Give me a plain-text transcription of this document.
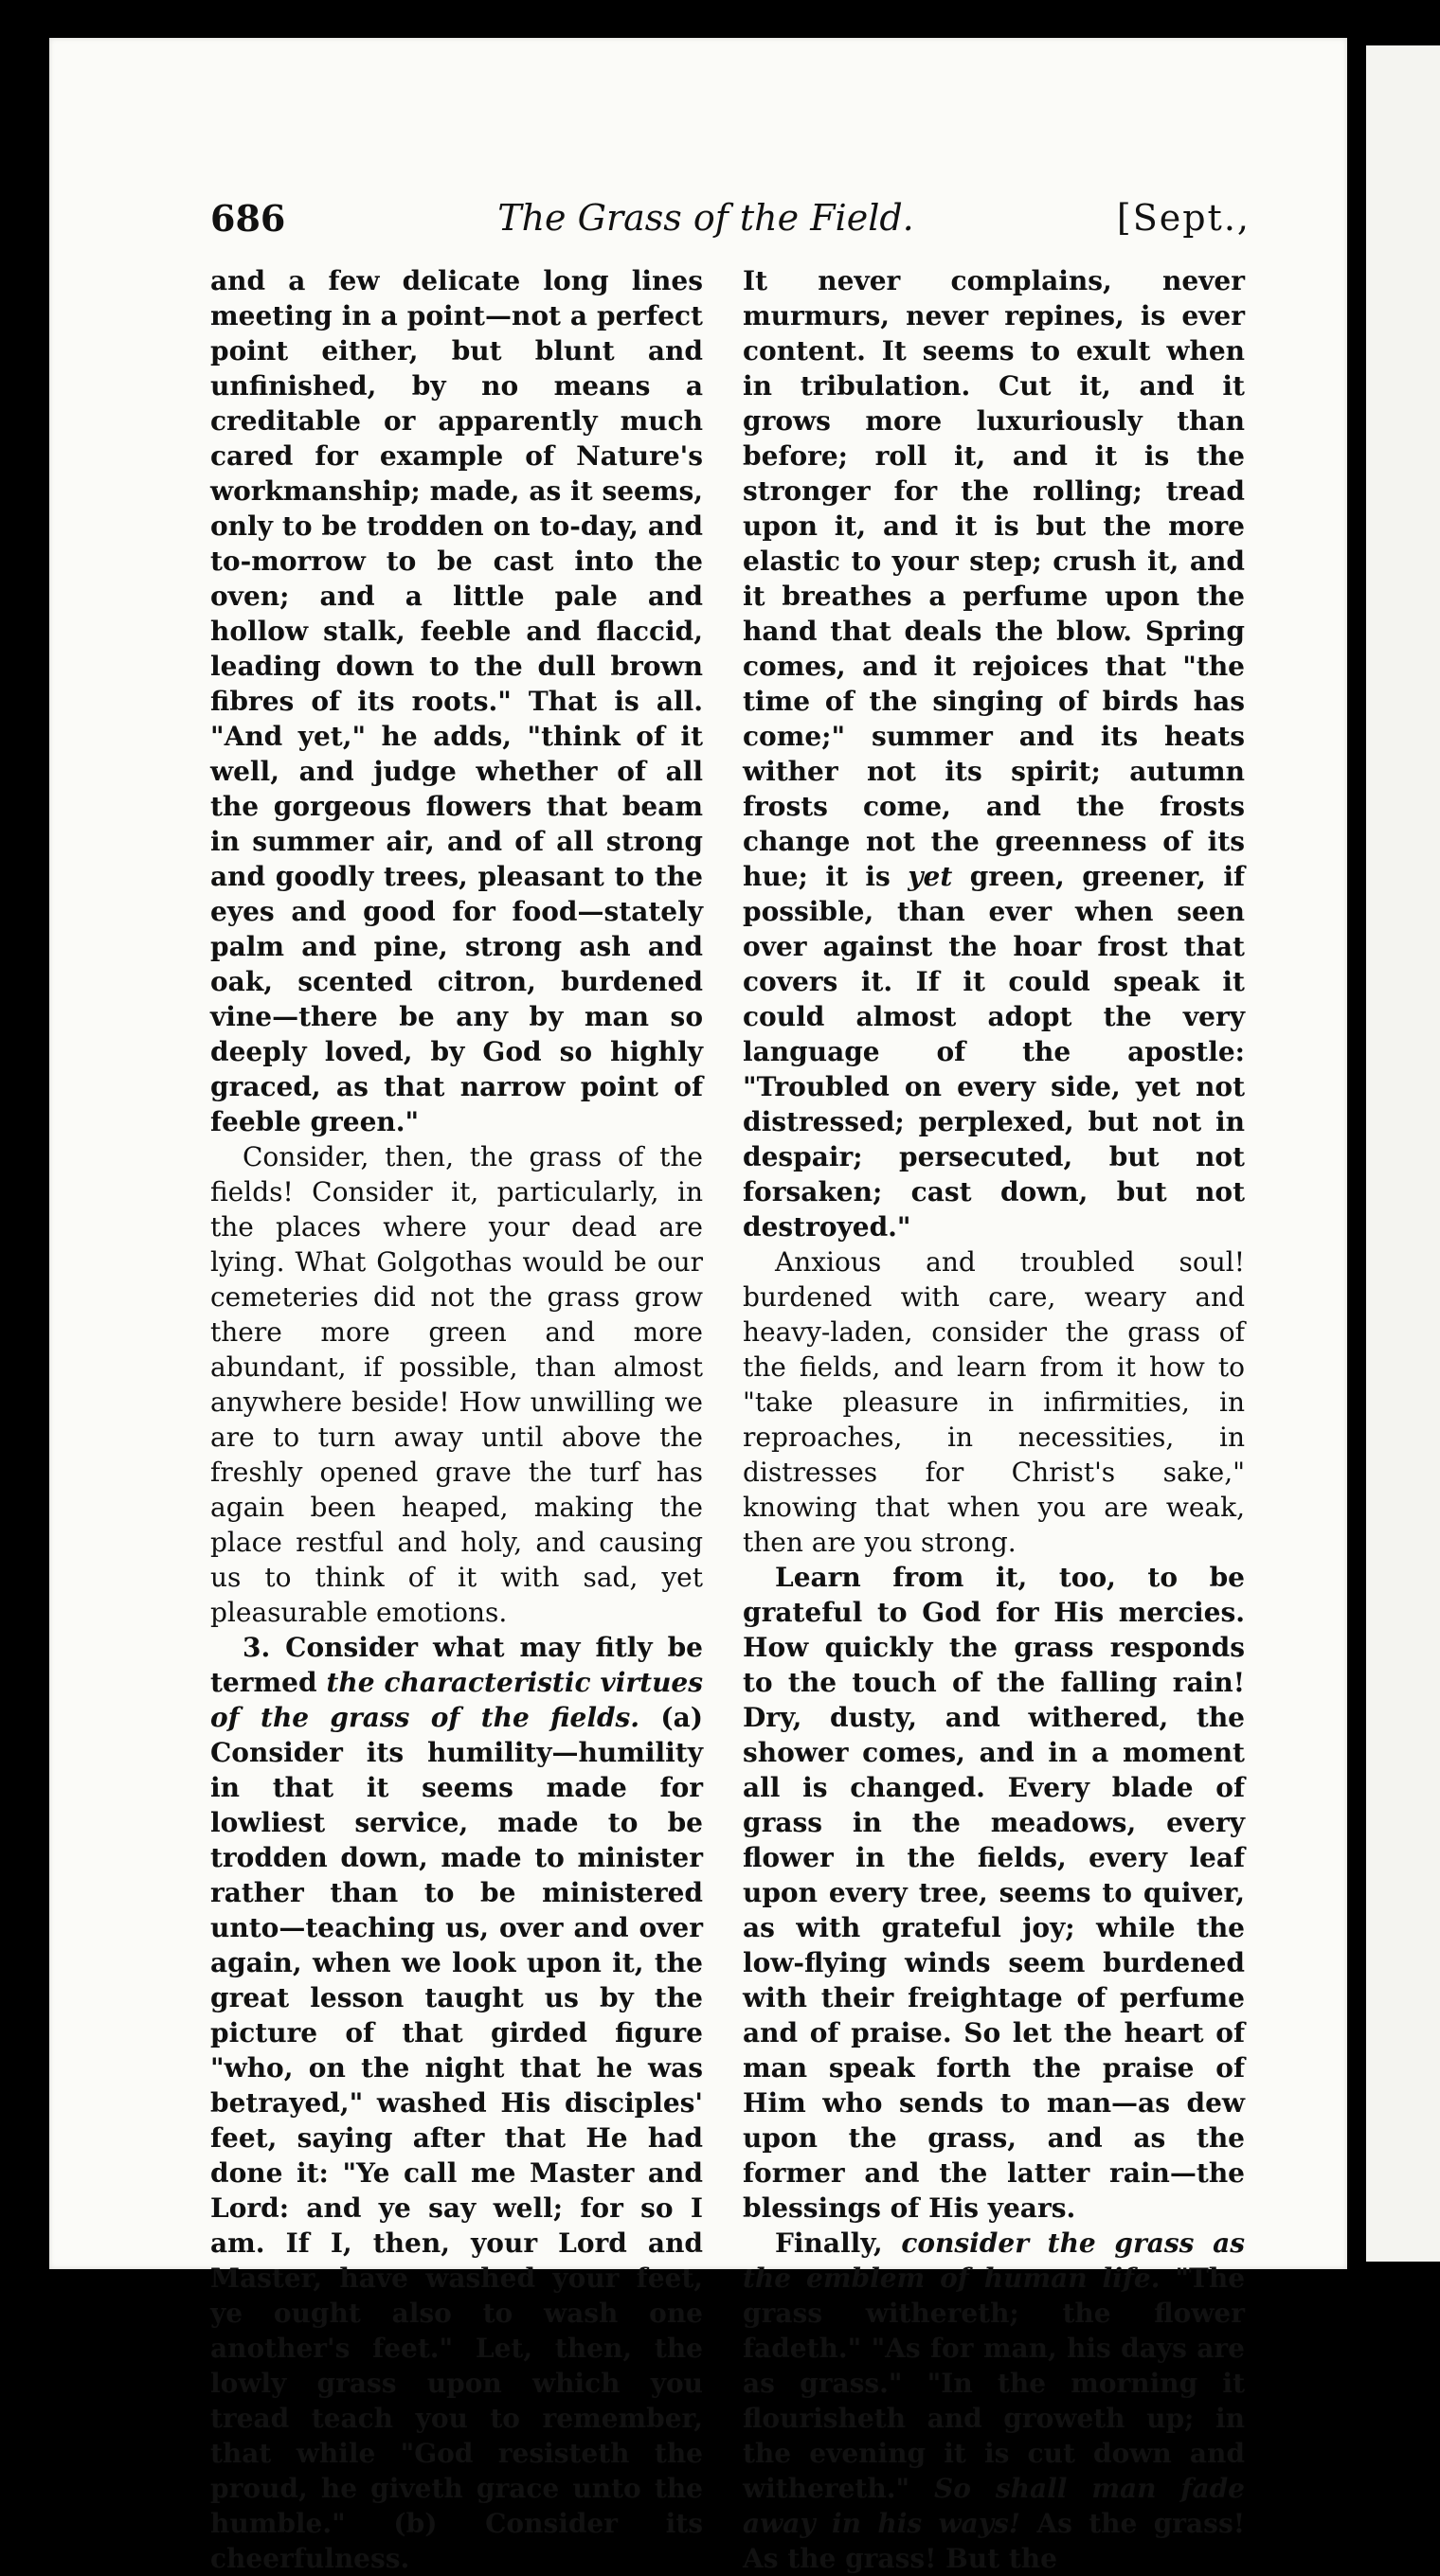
686	The Grass of the Field.	[Sept.,

and a few delicate long lines meeting in a point—not a perfect point either, but blunt and unfinished, by no means a creditable or apparently much cared for example of Nature's workmanship; made, as it seems, only to be trodden on to-day, and to-morrow to be cast into the oven; and a little pale and hollow stalk, feeble and flaccid, leading down to the dull brown fibres of its roots." That is all. "And yet," he adds, "think of it well, and judge whether of all the gorgeous flowers that beam in summer air, and of all strong and goodly trees, pleasant to the eyes and good for food—stately palm and pine, strong ash and oak, scented citron, burdened vine—there be any by man so deeply loved, by God so highly graced, as that narrow point of feeble green."

Consider, then, the grass of the fields! Consider it, particularly, in the places where your dead are lying. What Golgothas would be our cemeteries did not the grass grow there more green and more abundant, if possible, than almost anywhere beside! How unwilling we are to turn away until above the freshly opened grave the turf has again been heaped, making the place restful and holy, and causing us to think of it with sad, yet pleasurable emotions.

3. Consider what may fitly be termed the characteristic virtues of the grass of the fields. (a) Consider its humility—humility in that it seems made for lowliest service, made to be trodden down, made to minister rather than to be ministered unto—teaching us, over and over again, when we look upon it, the great lesson taught us by the picture of that girded figure "who, on the night that he was betrayed," washed His disciples' feet, saying after that He had done it: "Ye call me Master and Lord: and ye say well; for so I am. If I, then, your Lord and Master, have washed your feet, ye ought also to wash one another's feet." Let, then, the lowly grass upon which you tread teach you to remember, that while "God resisteth the proud, he giveth grace unto the humble." (b) Consider its cheerfulness.

It never complains, never murmurs, never repines, is ever content. It seems to exult when in tribulation. Cut it, and it grows more luxuriously than before; roll it, and it is the stronger for the rolling; tread upon it, and it is but the more elastic to your step; crush it, and it breathes a perfume upon the hand that deals the blow. Spring comes, and it rejoices that "the time of the singing of birds has come;" summer and its heats wither not its spirit; autumn frosts come, and the frosts change not the greenness of its hue; it is yet green, greener, if possible, than ever when seen over against the hoar frost that covers it. If it could speak it could almost adopt the very language of the apostle: "Troubled on every side, yet not distressed; perplexed, but not in despair; persecuted, but not forsaken; cast down, but not destroyed."

Anxious and troubled soul! burdened with care, weary and heavy-laden, consider the grass of the fields, and learn from it how to "take pleasure in infirmities, in reproaches, in necessities, in distresses for Christ's sake," knowing that when you are weak, then are you strong.

Learn from it, too, to be grateful to God for His mercies. How quickly the grass responds to the touch of the falling rain! Dry, dusty, and withered, the shower comes, and in a moment all is changed. Every blade of grass in the meadows, every flower in the fields, every leaf upon every tree, seems to quiver, as with grateful joy; while the low-flying winds seem burdened with their freightage of perfume and of praise. So let the heart of man speak forth the praise of Him who sends to man—as dew upon the grass, and as the former and the latter rain—the blessings of His years.

Finally, consider the grass as the emblem of human life. "The grass withereth; the flower fadeth." "As for man, his days are as grass." "In the morning it flourisheth and groweth up; in the evening it is cut down and withereth." So shall man fade away in his ways! As the grass! As the grass! But the
